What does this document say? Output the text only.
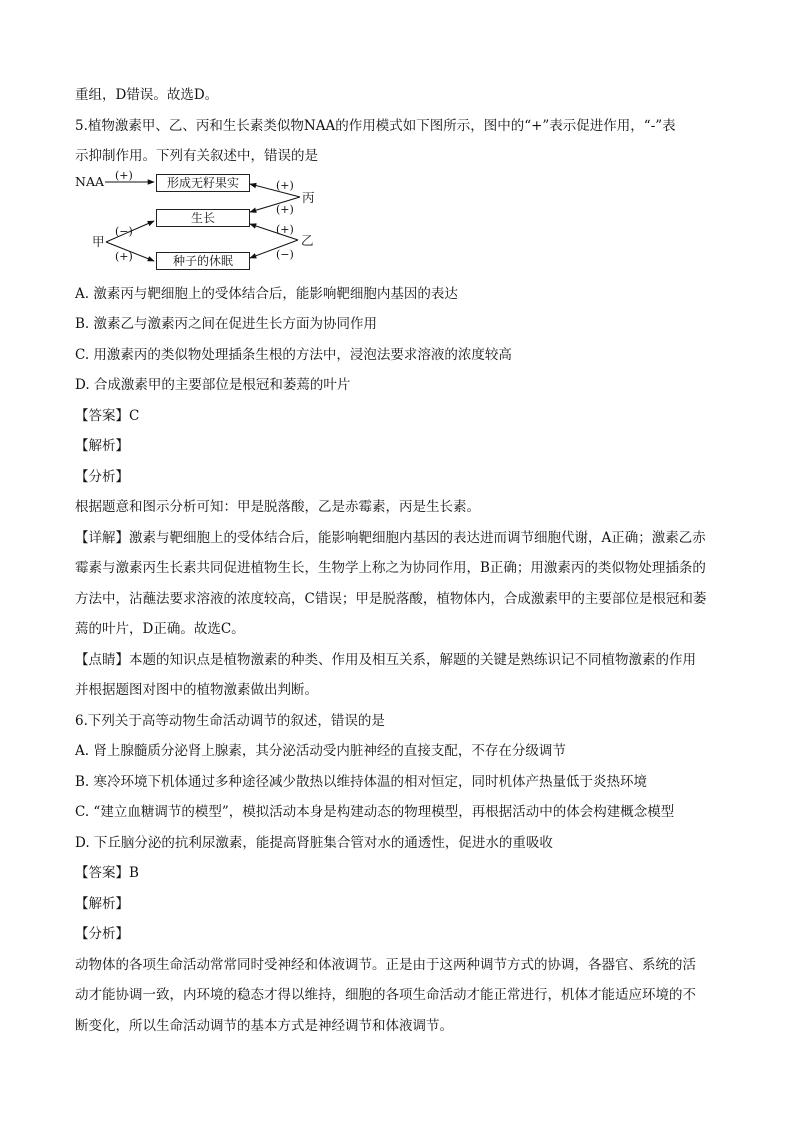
重组，D错误。故选D。
5.植物激素甲、乙、丙和生长素类似物NAA的作用模式如下图所示，图中的“+”表示促进作用，“-”表
示抑制作用。下列有关叙述中，错误的是
NAA
甲
丙
乙
形成无籽果实
生长
种子的休眠
(+)
(+)
(+)
(−)
(+)
(+)
(−)
A. 激素丙与靶细胞上的受体结合后，能影响靶细胞内基因的表达
B. 激素乙与激素丙之间在促进生长方面为协同作用
C. 用激素丙的类似物处理插条生根的方法中，浸泡法要求溶液的浓度较高
D. 合成激素甲的主要部位是根冠和萎蔫的叶片
【答案】C
【解析】
【分析】
根据题意和图示分析可知：甲是脱落酸，乙是赤霉素，丙是生长素。
【详解】激素与靶细胞上的受体结合后，能影响靶细胞内基因的表达进而调节细胞代谢，A正确；激素乙赤
霉素与激素丙生长素共同促进植物生长，生物学上称之为协同作用，B正确；用激素丙的类似物处理插条的
方法中，沾蘸法要求溶液的浓度较高，C错误；甲是脱落酸，植物体内，合成激素甲的主要部位是根冠和萎
蔫的叶片，D正确。故选C。
【点睛】本题的知识点是植物激素的种类、作用及相互关系，解题的关键是熟练识记不同植物激素的作用
并根据题图对图中的植物激素做出判断。
6.下列关于高等动物生命活动调节的叙述，错误的是
A. 肾上腺髓质分泌肾上腺素，其分泌活动受内脏神经的直接支配，不存在分级调节
B. 寒冷环境下机体通过多种途径减少散热以维持体温的相对恒定，同时机体产热量低于炎热环境
C. “建立血糖调节的模型”，模拟活动本身是构建动态的物理模型，再根据活动中的体会构建概念模型
D. 下丘脑分泌的抗利尿激素，能提高肾脏集合管对水的通透性，促进水的重吸收
【答案】B
【解析】
【分析】
动物体的各项生命活动常常同时受神经和体液调节。正是由于这两种调节方式的协调，各器官、系统的活
动才能协调一致，内环境的稳态才得以维持，细胞的各项生命活动才能正常进行，机体才能适应环境的不
断变化，所以生命活动调节的基本方式是神经调节和体液调节。
